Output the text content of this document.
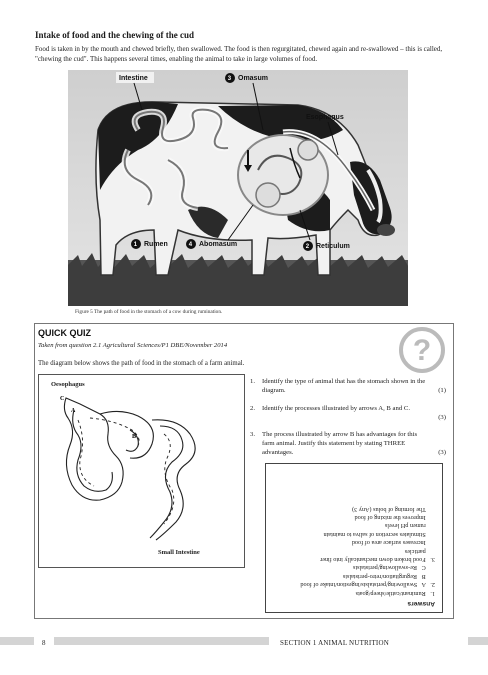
Intake of food and the chewing of the cud
Food is taken in by the mouth and chewed briefly, then swallowed. The food is then regurgitated, chewed again and re-swallowed – this is called, "chewing the cud". This happens several times, enabling the animal to take in large volumes of food.
Intestine	3 Omasum
Esophagus
1 Rumen	4 Abomasum	2 Reticulum
Figure 5 The path of food in the stomach of a cow during rumination.
QUICK QUIZ
Taken from question 2.1 Agricultural Sciences/P1 DBE/November 2014
The diagram below shows the path of food in the stomach of a farm animal.	?
Oesophagus
C
A
B
Small Intestine
1. Identify the type of animal that has the stomach shown in the diagram.	(1)
2. Identify the processes illustrated by arrows A, B and C.
(3)
3. The process illustrated by arrow B has advantages for this farm animal. Justify this statement by stating THREE advantages.	(3)
Answers
1.   Ruminant/cattle/sheep/goats
2.   A   Swallowing/peristalsis/ingestion/intake of food
B   Regurgitation/retro-peristalsis
C   Re-swallowing/peristalsis
3.   Food broken down mechanically into finer
particles
Increases surface area of food
Stimulates secretion of saliva to maintain
rumen pH levels
Improves the mixing of food
The forming of bolus (Any 3)
8	SECTION 1 ANIMAL NUTRITION
